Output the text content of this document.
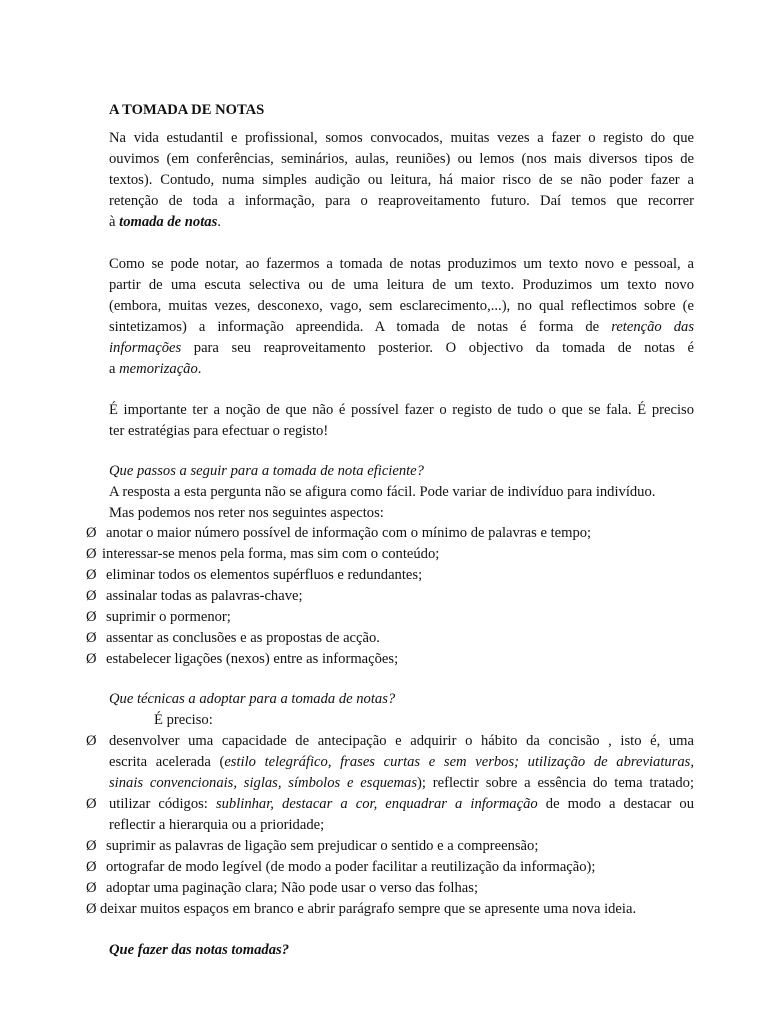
A TOMADA DE NOTAS
Na vida estudantil e profissional, somos convocados, muitas vezes a fazer o registo do que
ouvimos (em conferências, seminários, aulas, reuniões) ou lemos (nos mais diversos tipos de
textos). Contudo, numa simples audição ou leitura, há maior risco de se não poder fazer a
retenção de toda a informação, para o reaproveitamento futuro. Daí temos que recorrer
à tomada de notas.
Como se pode notar, ao fazermos a tomada de notas produzimos um texto novo e pessoal, a
partir de uma escuta selectiva ou de uma leitura de um texto. Produzimos um texto novo
(embora, muitas vezes, desconexo, vago, sem esclarecimento,...), no qual reflectimos sobre (e
sintetizamos) a informação apreendida. A tomada de notas é forma de retenção das
informações para seu reaproveitamento posterior. O objectivo da tomada de notas é
a memorização.
É importante ter a noção de que não é possível fazer o registo de tudo o que se fala. É preciso
ter estratégias para efectuar o registo!
Que passos a seguir para a tomada de nota eficiente?
A resposta a esta pergunta não se afigura como fácil. Pode variar de indivíduo para indivíduo.
Mas podemos nos reter nos seguintes aspectos:
Ø anotar o maior número possível de informação com o mínimo de palavras e tempo;
Ø interessar-se menos pela forma, mas sim com o conteúdo;
Ø eliminar todos os elementos supérfluos e redundantes;
Ø assinalar todas as palavras-chave;
Ø suprimir o pormenor;
Ø assentar as conclusões e as propostas de acção.
Ø estabelecer ligações (nexos) entre as informações;
Que técnicas a adoptar para a tomada de notas?
É preciso:
Ø desenvolver uma capacidade de antecipação e adquirir o hábito da concisão , isto é, uma
escrita acelerada (estilo telegráfico, frases curtas e sem verbos; utilização de abreviaturas,
sinais convencionais, siglas, símbolos e esquemas); reflectir sobre a essência do tema tratado;
Ø utilizar códigos: sublinhar, destacar a cor, enquadrar a informação de modo a destacar ou
reflectir a hierarquia ou a prioridade;
Ø suprimir as palavras de ligação sem prejudicar o sentido e a compreensão;
Ø ortografar de modo legível (de modo a poder facilitar a reutilização da informação);
Ø adoptar uma paginação clara; Não pode usar o verso das folhas;
Ø deixar muitos espaços em branco e abrir parágrafo sempre que se apresente uma nova ideia.
Que fazer das notas tomadas?
